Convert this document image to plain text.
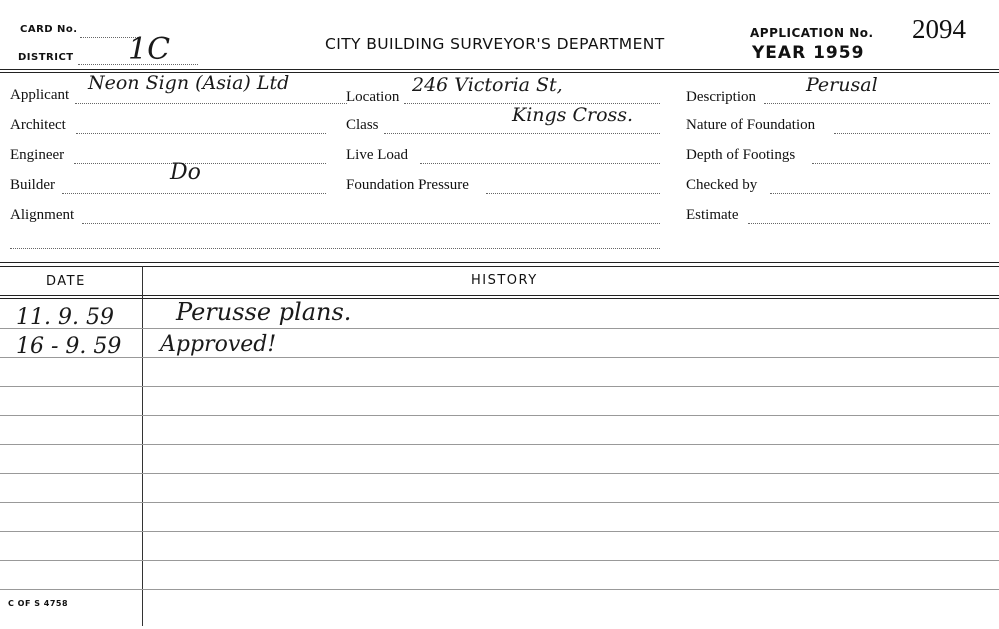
CARD No.
DISTRICT 1C	CITY BUILDING SURVEYOR'S DEPARTMENT
APPLICATION No. 2094
YEAR 1959
Applicant
Neon Sign (Asia) Ltd
Architect
Engineer
Builder	Do
Alignment
Location
246 Victoria St,
Kings Cross.
Class
Live Load
Foundation Pressure
Description
Perusal
Nature of Foundation
Depth of Footings
Checked by
Estimate
DATE	HISTORY
11. 9. 59	Perusse plans.
16 - 9. 59 Approved!
C OF S 4758
